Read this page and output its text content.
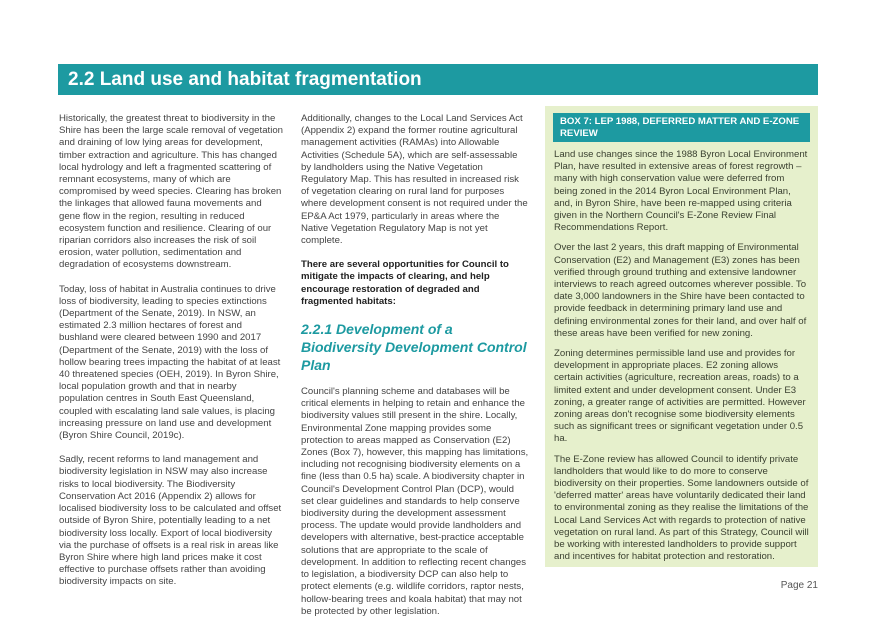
2.2 Land use and habitat fragmentation

Historically, the greatest threat to biodiversity in the Shire has been the large scale removal of vegetation and draining of low lying areas for development, timber extraction and agriculture. This has changed local hydrology and left a fragmented scattering of remnant ecosystems, many of which are compromised by weed species. Clearing has broken the linkages that allowed fauna movements and gene flow in the region, resulting in reduced ecosystem function and resilience. Clearing of our riparian corridors also increases the risk of soil erosion, water pollution, sedimentation and degradation of ecosystems downstream.

Today, loss of habitat in Australia continues to drive loss of biodiversity, leading to species extinctions (Department of the Senate, 2019). In NSW, an estimated 2.3 million hectares of forest and bushland were cleared between 1990 and 2017 (Department of the Senate, 2019) with the loss of hollow bearing trees impacting the habitat of at least 40 threatened species (OEH, 2019). In Byron Shire, local population growth and that in nearby population centres in South East Queensland, coupled with escalating land sale values, is placing increasing pressure on land use and development (Byron Shire Council, 2019c).

Sadly, recent reforms to land management and biodiversity legislation in NSW may also increase risks to local biodiversity. The Biodiversity Conservation Act 2016 (Appendix 2) allows for localised biodiversity loss to be calculated and offset outside of Byron Shire, potentially leading to a net biodiversity loss locally. Export of local biodiversity via the purchase of offsets is a real risk in areas like Byron Shire where high land prices make it cost effective to purchase offsets rather than avoiding biodiversity impacts on site.

Additionally, changes to the Local Land Services Act (Appendix 2) expand the former routine agricultural management activities (RAMAs) into Allowable Activities (Schedule 5A), which are self-assessable by landholders using the Native Vegetation Regulatory Map. This has resulted in increased risk of vegetation clearing on rural land for purposes where development consent is not required under the EP&A Act 1979, particularly in areas where the Native Vegetation Regulatory Map is not yet complete.

There are several opportunities for Council to mitigate the impacts of clearing, and help encourage restoration of degraded and fragmented habitats:

2.2.1 Development of a Biodiversity Development Control Plan

Council's planning scheme and databases will be critical elements in helping to retain and enhance the biodiversity values still present in the shire. Locally, Environmental Zone mapping provides some protection to areas mapped as Conservation (E2) Zones (Box 7), however, this mapping has limitations, including not recognising biodiversity elements on a fine (less than 0.5 ha) scale. A biodiversity chapter in Council's Development Control Plan (DCP), would set clear guidelines and standards to help conserve biodiversity during the development assessment process. The update would provide landholders and developers with alternative, best-practice acceptable solutions that are appropriate to the scale of development. In addition to reflecting recent changes to legislation, a biodiversity DCP can also help to protect elements (e.g. wildlife corridors, raptor nests, hollow-bearing trees and koala habitat) that may not be protected by other legislation.

BOX 7: LEP 1988, DEFERRED MATTER AND E-ZONE REVIEW

Land use changes since the 1988 Byron Local Environment Plan, have resulted in extensive areas of forest regrowth – many with high conservation value were deferred from being zoned in the 2014 Byron Local Environment Plan, and, in Byron Shire, have been re-mapped using criteria given in the Northern Council's E-Zone Review Final Recommendations Report.

Over the last 2 years, this draft mapping of Environmental Conservation (E2) and Management (E3) zones has been verified through ground truthing and extensive landowner interviews to reach agreed outcomes wherever possible. To date 3,000 landowners in the Shire have been contacted to provide feedback in determining primary land use and defining environmental zones for their land, and over half of these areas have been verified for new zoning.

Zoning determines permissible land use and provides for development in appropriate places. E2 zoning allows certain activities (agriculture, recreation areas, roads) to a limited extent and under development consent. Under E3 zoning, a greater range of activities are permitted. However zoning areas don't recognise some biodiversity elements such as significant trees or significant vegetation under 0.5 ha.

The E-Zone review has allowed Council to identify private landholders that would like to do more to conserve biodiversity on their properties. Some landowners outside of 'deferred matter' areas have voluntarily dedicated their land to environmental zoning as they realise the limitations of the Local Land Services Act with regards to protection of native vegetation on rural land. As part of this Strategy, Council will be working with interested landholders to provide support and incentives for habitat protection and restoration.

Page 21
